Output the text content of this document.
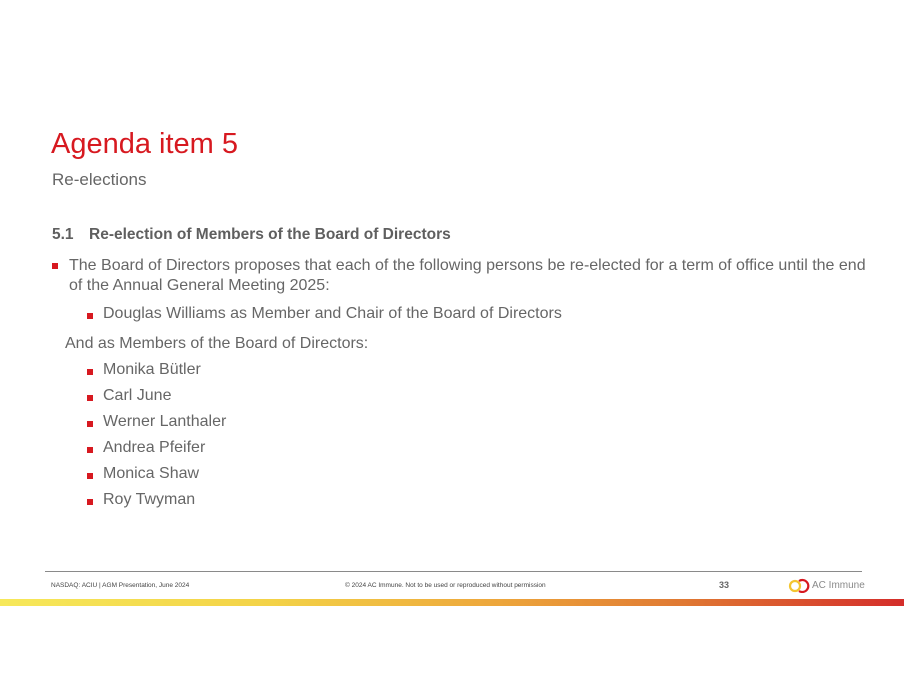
Agenda item 5
Re-elections
5.1 Re-election of Members of the Board of Directors
The Board of Directors proposes that each of the following persons be re-elected for a term of office until the end of the Annual General Meeting 2025:
Douglas Williams as Member and Chair of the Board of Directors
And as Members of the Board of Directors:
Monika Bütler
Carl June
Werner Lanthaler
Andrea Pfeifer
Monica Shaw
Roy Twyman
NASDAQ: ACIU | AGM Presentation, June 2024	© 2024 AC Immune. Not to be used or reproduced without permission	33	AC Immune
